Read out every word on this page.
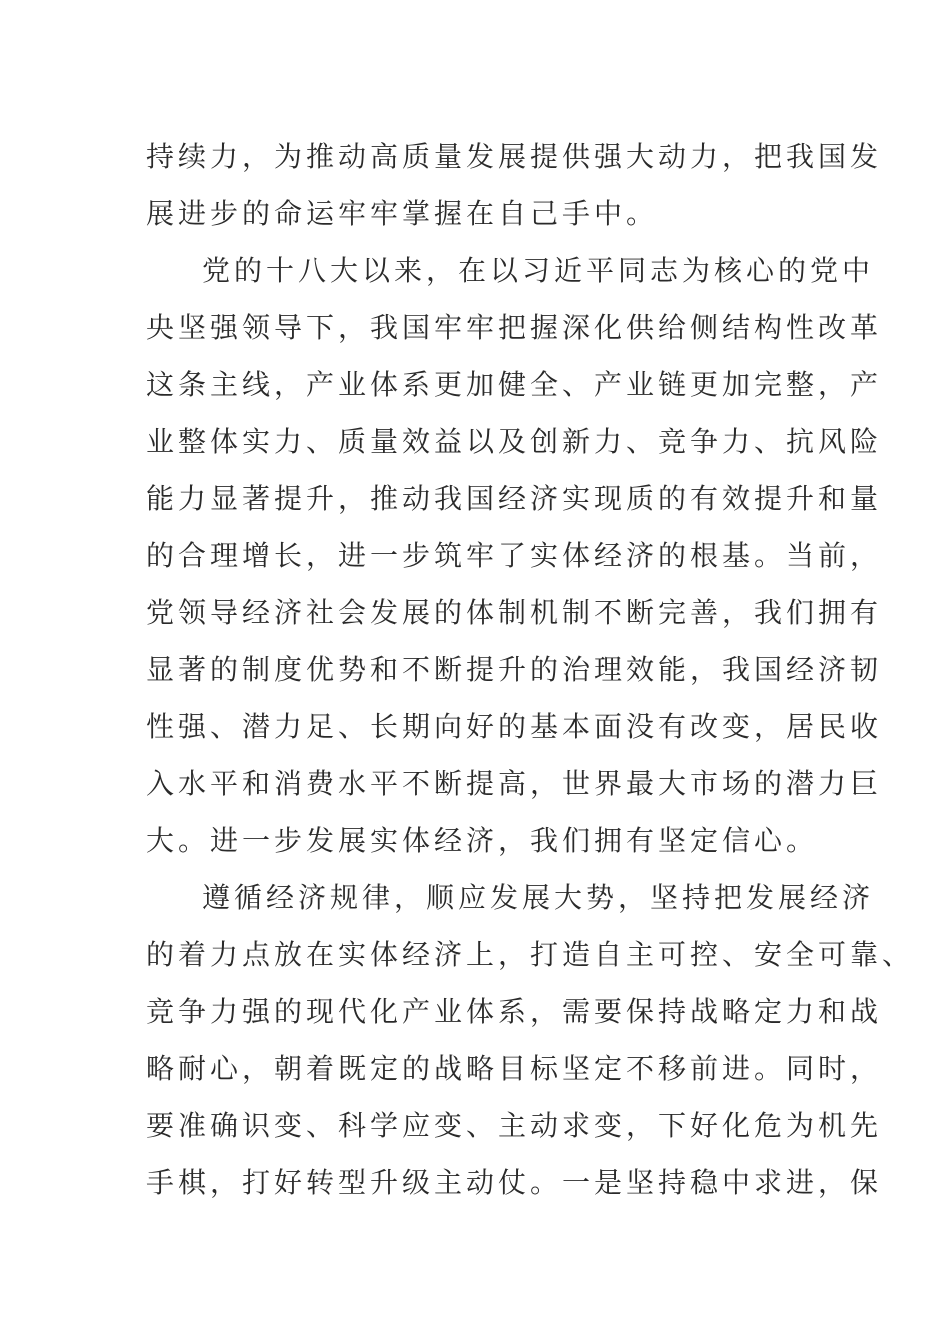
持续力，为推动高质量发展提供强大动力，把我国发
展进步的命运牢牢掌握在自己手中。
党的十八大以来，在以习近平同志为核心的党中
央坚强领导下，我国牢牢把握深化供给侧结构性改革
这条主线，产业体系更加健全、产业链更加完整，产
业整体实力、质量效益以及创新力、竞争力、抗风险
能力显著提升，推动我国经济实现质的有效提升和量
的合理增长，进一步筑牢了实体经济的根基。当前，
党领导经济社会发展的体制机制不断完善，我们拥有
显著的制度优势和不断提升的治理效能，我国经济韧
性强、潜力足、长期向好的基本面没有改变，居民收
入水平和消费水平不断提高，世界最大市场的潜力巨
大。进一步发展实体经济，我们拥有坚定信心。
遵循经济规律，顺应发展大势，坚持把发展经济
的着力点放在实体经济上，打造自主可控、安全可靠、
竞争力强的现代化产业体系，需要保持战略定力和战
略耐心，朝着既定的战略目标坚定不移前进。同时，
要准确识变、科学应变、主动求变，下好化危为机先
手棋，打好转型升级主动仗。一是坚持稳中求进，保
